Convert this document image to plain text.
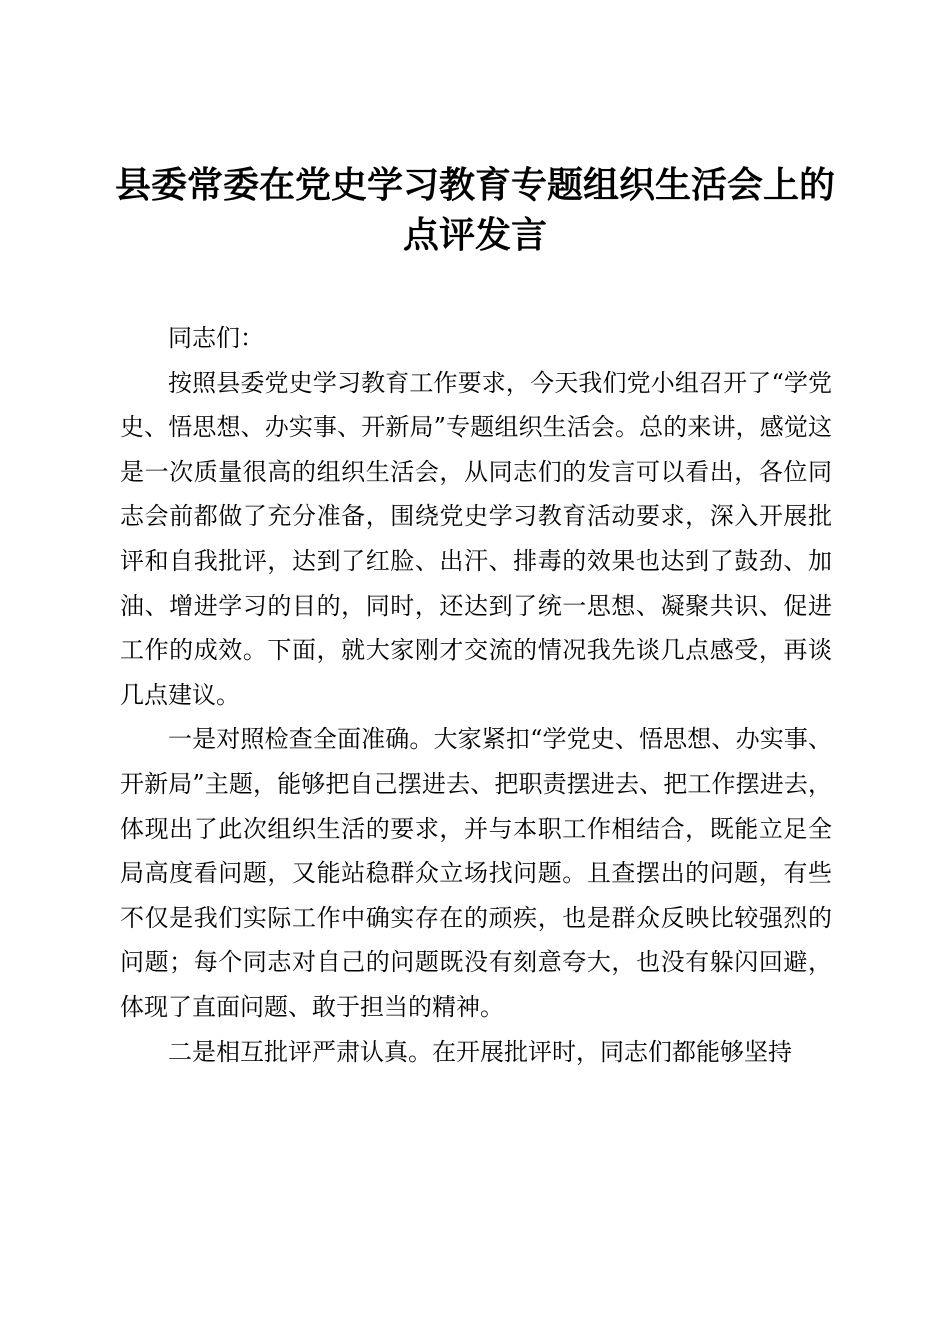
县委常委在党史学习教育专题组织生活会上的
点评发言

同志们：

按照县委党史学习教育工作要求，今天我们党小组召开了“学党史、悟思想、办实事、开新局”专题组织生活会。总的来讲，感觉这是一次质量很高的组织生活会，从同志们的发言可以看出，各位同志会前都做了充分准备，围绕党史学习教育活动要求，深入开展批评和自我批评，达到了红脸、出汗、排毒的效果也达到了鼓劲、加油、增进学习的目的，同时，还达到了统一思想、凝聚共识、促进工作的成效。下面，就大家刚才交流的情况我先谈几点感受，再谈几点建议。

一是对照检查全面准确。大家紧扣“学党史、悟思想、办实事、开新局”主题，能够把自己摆进去、把职责摆进去、把工作摆进去，体现出了此次组织生活的要求，并与本职工作相结合，既能立足全局高度看问题，又能站稳群众立场找问题。且查摆出的问题，有些不仅是我们实际工作中确实存在的顽疾，也是群众反映比较强烈的问题；每个同志对自己的问题既没有刻意夸大，也没有躲闪回避，体现了直面问题、敢于担当的精神。

二是相互批评严肃认真。在开展批评时，同志们都能够坚持
